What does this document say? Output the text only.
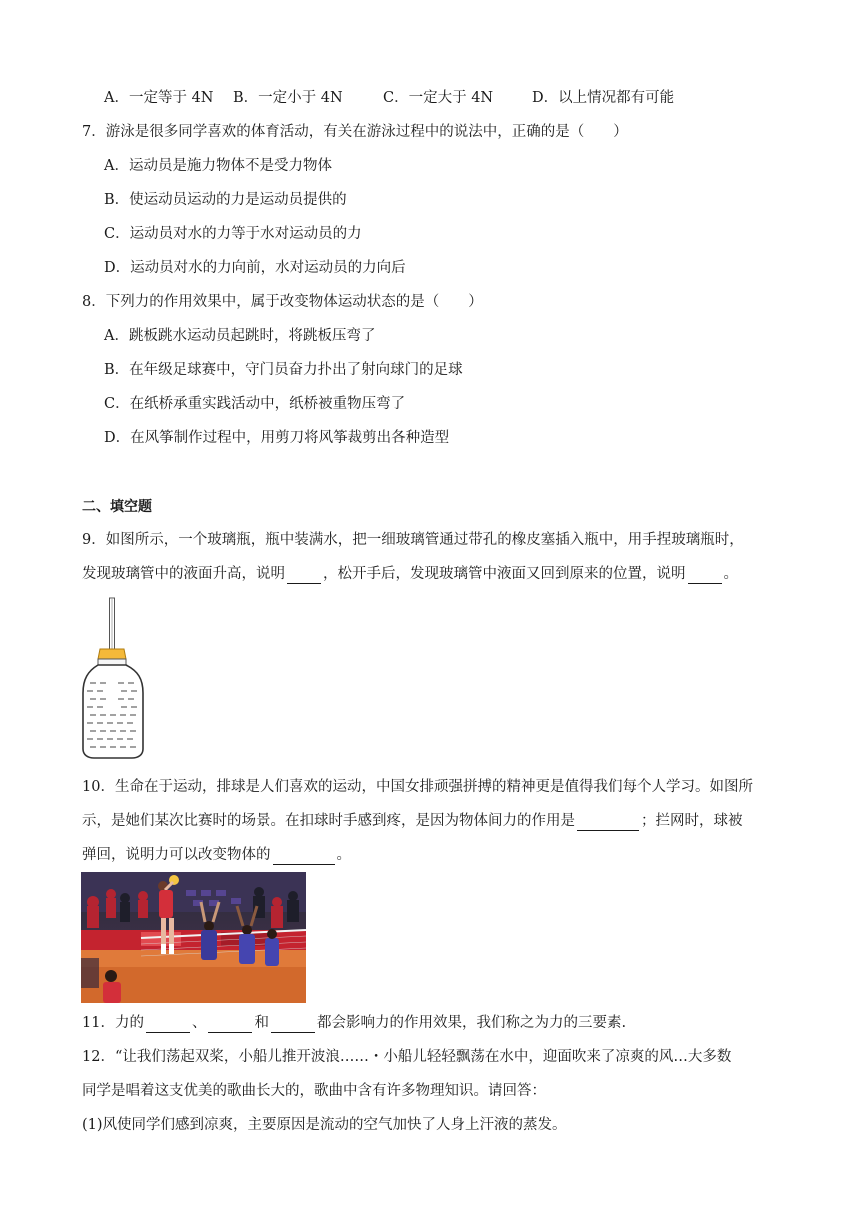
A．一定等于 4N B．一定小于 4N	C．一定大于 4N	D．以上情况都有可能
7．游泳是很多同学喜欢的体育活动，有关在游泳过程中的说法中，正确的是（　　）
A．运动员是施力物体不是受力物体
B．使运动员运动的力是运动员提供的
C．运动员对水的力等于水对运动员的力
D．运动员对水的力向前，水对运动员的力向后
8．下列力的作用效果中，属于改变物体运动状态的是（　　）
A．跳板跳水运动员起跳时，将跳板压弯了
B．在年级足球赛中，守门员奋力扑出了射向球门的足球
C．在纸桥承重实践活动中，纸桥被重物压弯了
D．在风筝制作过程中，用剪刀将风筝裁剪出各种造型
二、填空题
9．如图所示，一个玻璃瓶，瓶中装满水，把一细玻璃管通过带孔的橡皮塞插入瓶中，用手捏玻璃瓶时，
发现玻璃管中的液面升高，说明	，松开手后，发现玻璃管中液面又回到原来的位置，说明	。
10．生命在于运动，排球是人们喜欢的运动，中国女排顽强拼搏的精神更是值得我们每个人学习。如图所
示，是她们某次比赛时的场景。在扣球时手感到疼，是因为物体间力的作用是	；拦网时，球被
弹回，说明力可以改变物体的	。
11．力的	、	和	都会影响力的作用效果，我们称之为力的三要素.
12．“让我们荡起双桨，小船儿推开波浪……・小船儿轻轻飘荡在水中，迎面吹来了凉爽的风…大多数
同学是唱着这支优美的歌曲长大的，歌曲中含有许多物理知识。请回答：
(1)风使同学们感到凉爽，主要原因是流动的空气加快了人身上汗液的蒸发。
